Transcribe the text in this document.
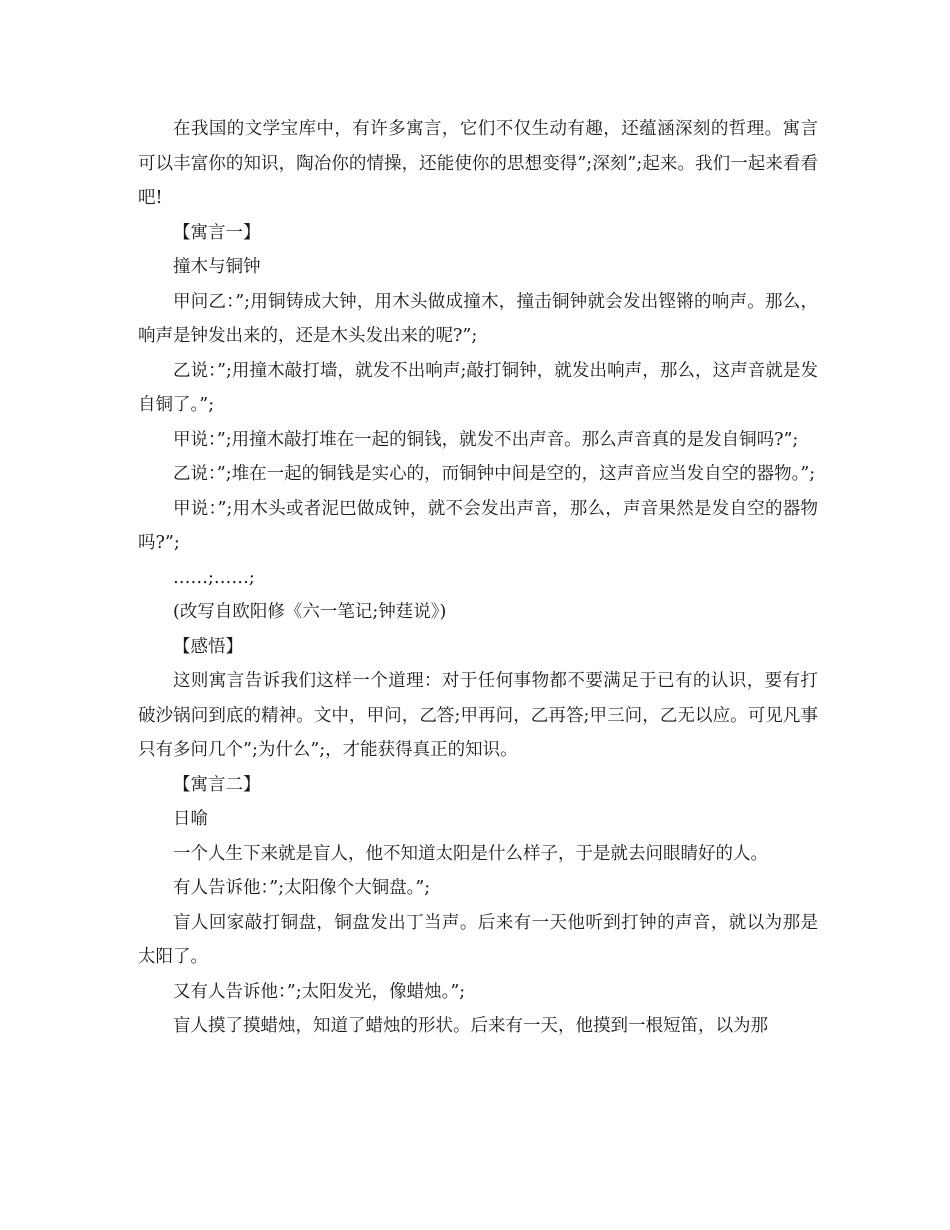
在我国的文学宝库中，有许多寓言，它们不仅生动有趣，还蕴涵深刻的哲理。寓言可以丰富你的知识，陶冶你的情操，还能使你的思想变得”;深刻”;起来。我们一起来看看吧!

【寓言一】

撞木与铜钟

甲问乙：”;用铜铸成大钟，用木头做成撞木，撞击铜钟就会发出铿锵的响声。那么，响声是钟发出来的，还是木头发出来的呢?”;

乙说：”;用撞木敲打墙，就发不出响声;敲打铜钟，就发出响声，那么，这声音就是发自铜了。”;

甲说：”;用撞木敲打堆在一起的铜钱，就发不出声音。那么声音真的是发自铜吗?”;

乙说：”;堆在一起的铜钱是实心的，而铜钟中间是空的，这声音应当发自空的器物。”;

甲说：”;用木头或者泥巴做成钟，就不会发出声音，那么，声音果然是发自空的器物吗?”;

……;……;

(改写自欧阳修《六一笔记;钟莛说》)

【感悟】

这则寓言告诉我们这样一个道理：对于任何事物都不要满足于已有的认识，要有打破沙锅问到底的精神。文中，甲问，乙答;甲再问，乙再答;甲三问，乙无以应。可见凡事只有多问几个”;为什么”;，才能获得真正的知识。

【寓言二】

日喻

一个人生下来就是盲人，他不知道太阳是什么样子，于是就去问眼睛好的人。

有人告诉他：”;太阳像个大铜盘。”;

盲人回家敲打铜盘，铜盘发出丁当声。后来有一天他听到打钟的声音，就以为那是太阳了。

又有人告诉他：”;太阳发光，像蜡烛。”;

盲人摸了摸蜡烛，知道了蜡烛的形状。后来有一天，他摸到一根短笛，以为那
